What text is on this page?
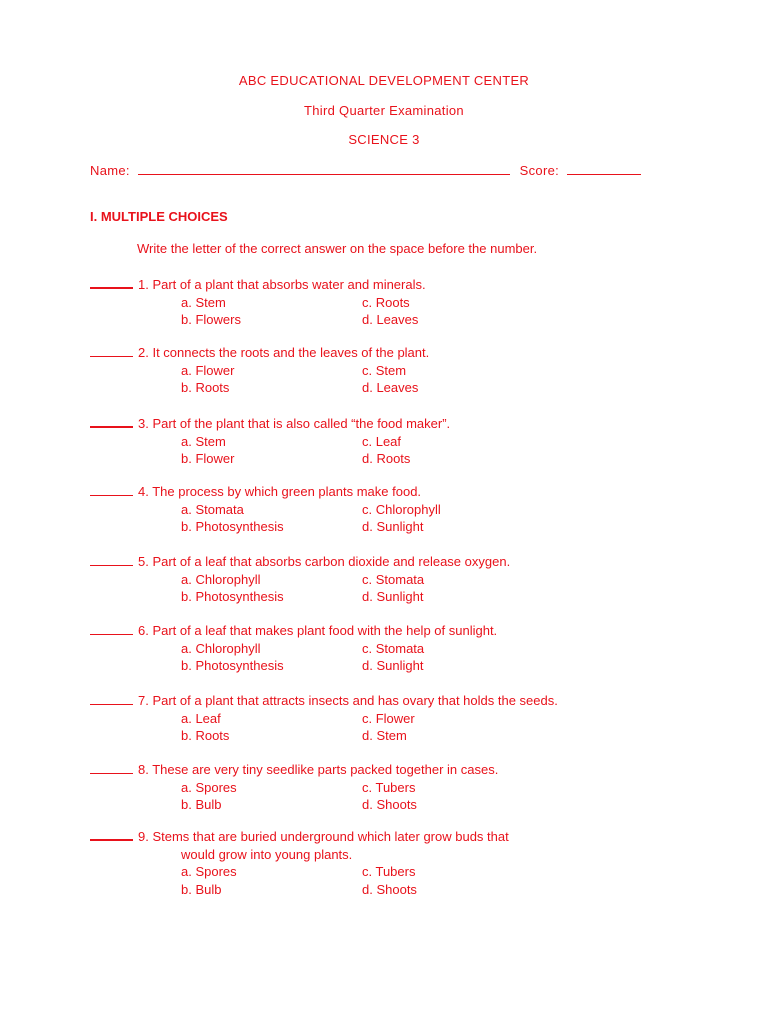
ABC EDUCATIONAL DEVELOPMENT CENTER
Third Quarter Examination
SCIENCE 3
Name:	Score:
I. MULTIPLE CHOICES
Write the letter of the correct answer on the space before the number.
1. Part of a plant that absorbs water and minerals.
a. Stem	c. Roots
b. Flowers	d. Leaves
2. It connects the roots and the leaves of the plant.
a. Flower	c. Stem
b. Roots	d. Leaves
3. Part of the plant that is also called “the food maker”.
a. Stem	c. Leaf
b. Flower	d. Roots
4. The process by which green plants make food.
a. Stomata	c. Chlorophyll
b. Photosynthesis	d. Sunlight
5. Part of a leaf that absorbs carbon dioxide and release oxygen.
a. Chlorophyll	c. Stomata
b. Photosynthesis	d. Sunlight
6. Part of a leaf that makes plant food with the help of sunlight.
a. Chlorophyll	c. Stomata
b. Photosynthesis	d. Sunlight
7. Part of a plant that attracts insects and has ovary that holds the seeds.
a. Leaf	c. Flower
b. Roots	d. Stem
8. These are very tiny seedlike parts packed together in cases.
a. Spores	c. Tubers
b. Bulb	d. Shoots
9. Stems that are buried underground which later grow buds that
would grow into young plants.
a. Spores	c. Tubers
b. Bulb	d. Shoots
